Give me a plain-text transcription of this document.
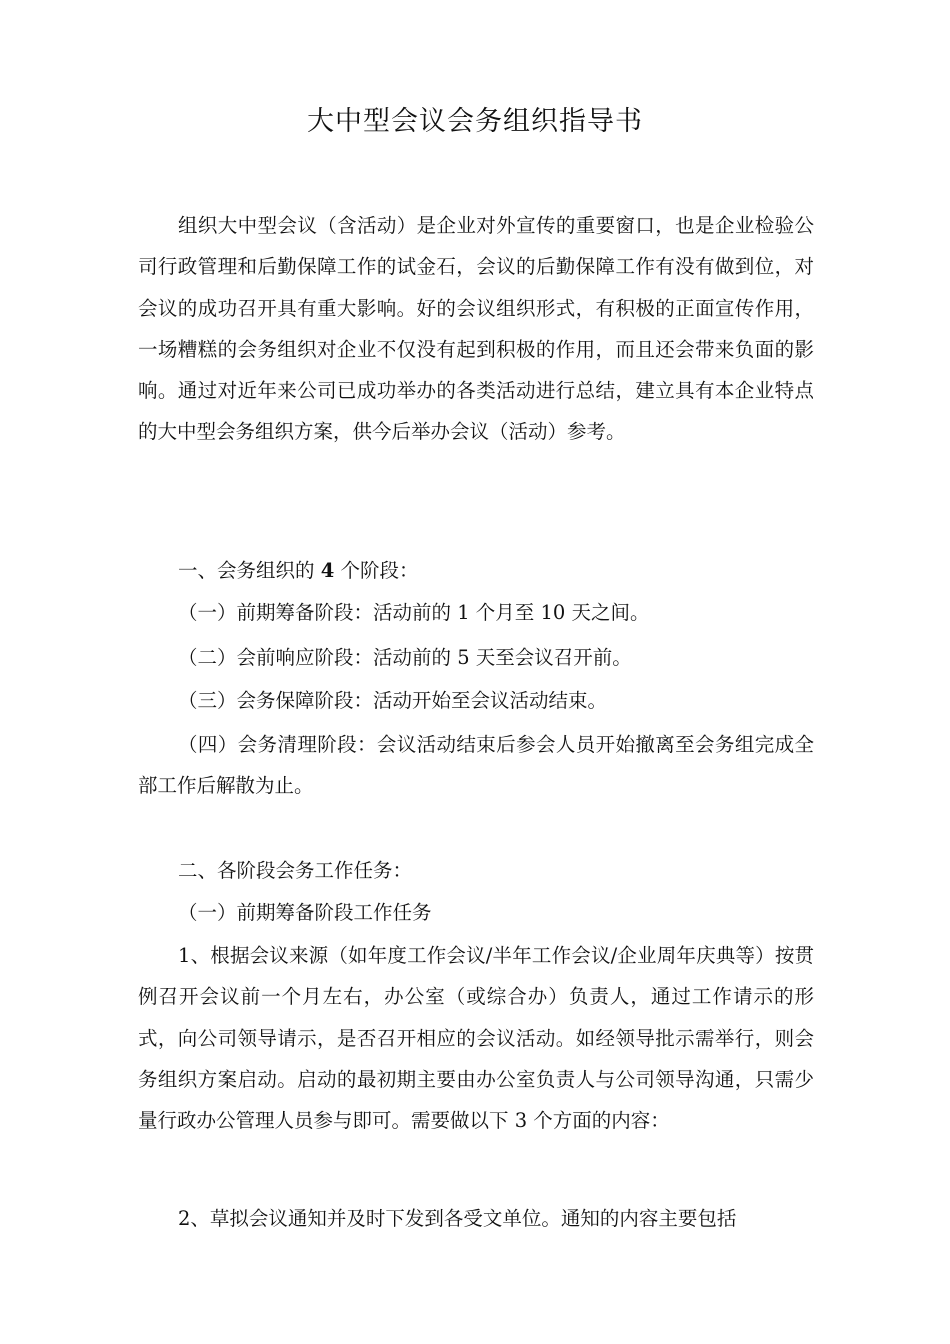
大中型会议会务组织指导书
组织大中型会议（含活动）是企业对外宣传的重要窗口，也是企业检验公司行政管理和后勤保障工作的试金石，会议的后勤保障工作有没有做到位，对会议的成功召开具有重大影响。好的会议组织形式，有积极的正面宣传作用，一场糟糕的会务组织对企业不仅没有起到积极的作用，而且还会带来负面的影响。通过对近年来公司已成功举办的各类活动进行总结，建立具有本企业特点的大中型会务组织方案，供今后举办会议（活动）参考。
一、会务组织的 4 个阶段：
（一）前期筹备阶段：活动前的 1 个月至 10 天之间。
（二）会前响应阶段：活动前的 5 天至会议召开前。
（三）会务保障阶段：活动开始至会议活动结束。
（四）会务清理阶段：会议活动结束后参会人员开始撤离至会务组完成全部工作后解散为止。
二、各阶段会务工作任务：
（一）前期筹备阶段工作任务
1、根据会议来源（如年度工作会议/半年工作会议/企业周年庆典等）按贯例召开会议前一个月左右，办公室（或综合办）负责人，通过工作请示的形式，向公司领导请示，是否召开相应的会议活动。如经领导批示需举行，则会务组织方案启动。启动的最初期主要由办公室负责人与公司领导沟通，只需少量行政办公管理人员参与即可。需要做以下 3 个方面的内容：
2、草拟会议通知并及时下发到各受文单位。通知的内容主要包括
